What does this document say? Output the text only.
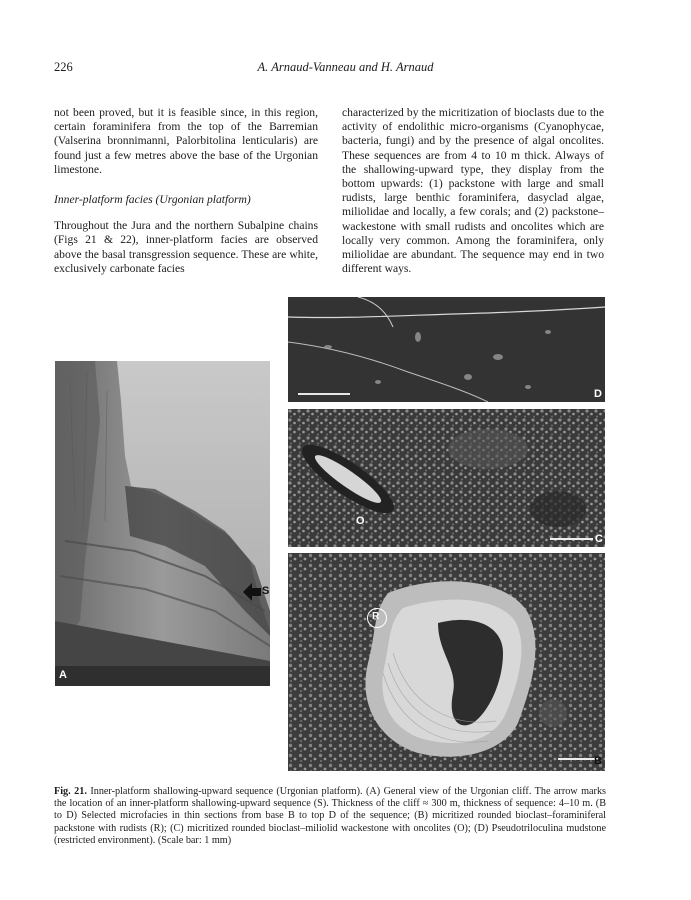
226	A. Arnaud-Vanneau and H. Arnaud

not been proved, but it is feasible since, in this region, certain foraminifera from the top of the Barremian (Valserina bronnimanni, Palorbitolina lenticularis) are found just a few metres above the base of the Urgonian limestone.

Inner-platform facies (Urgonian platform)

Throughout the Jura and the northern Subalpine chains (Figs 21 & 22), inner-platform facies are observed above the basal transgression sequence. These are white, exclusively carbonate facies

characterized by the micritization of bioclasts due to the activity of endolithic micro-organisms (Cyanophycae, bacteria, fungi) and by the presence of algal oncolites. These sequences are from 4 to 10 m thick. Always of the shallowing-upward type, they display from the bottom upwards: (1) packstone with large and small rudists, large benthic foraminifera, dasyclad algae, miliolidae and locally, a few corals; and (2) packstone–wackestone with small rudists and oncolites which are locally very common. Among the foraminifera, only miliolidae are abundant. The sequence may end in two different ways.

S
A
D
O
C
R
B
Fig. 21. Inner-platform shallowing-upward sequence (Urgonian platform). (A) General view of the Urgonian cliff. The arrow marks the location of an inner-platform shallowing-upward sequence (S). Thickness of the cliff ≈ 300 m, thickness of sequence: 4–10 m. (B to D) Selected microfacies in thin sections from base B to top D of the sequence; (B) micritized rounded bioclast–foraminiferal packstone with rudists (R); (C) micritized rounded bioclast–miliolid wackestone with oncolites (O); (D) Pseudotriloculina mudstone (restricted environment). (Scale bar: 1 mm)
